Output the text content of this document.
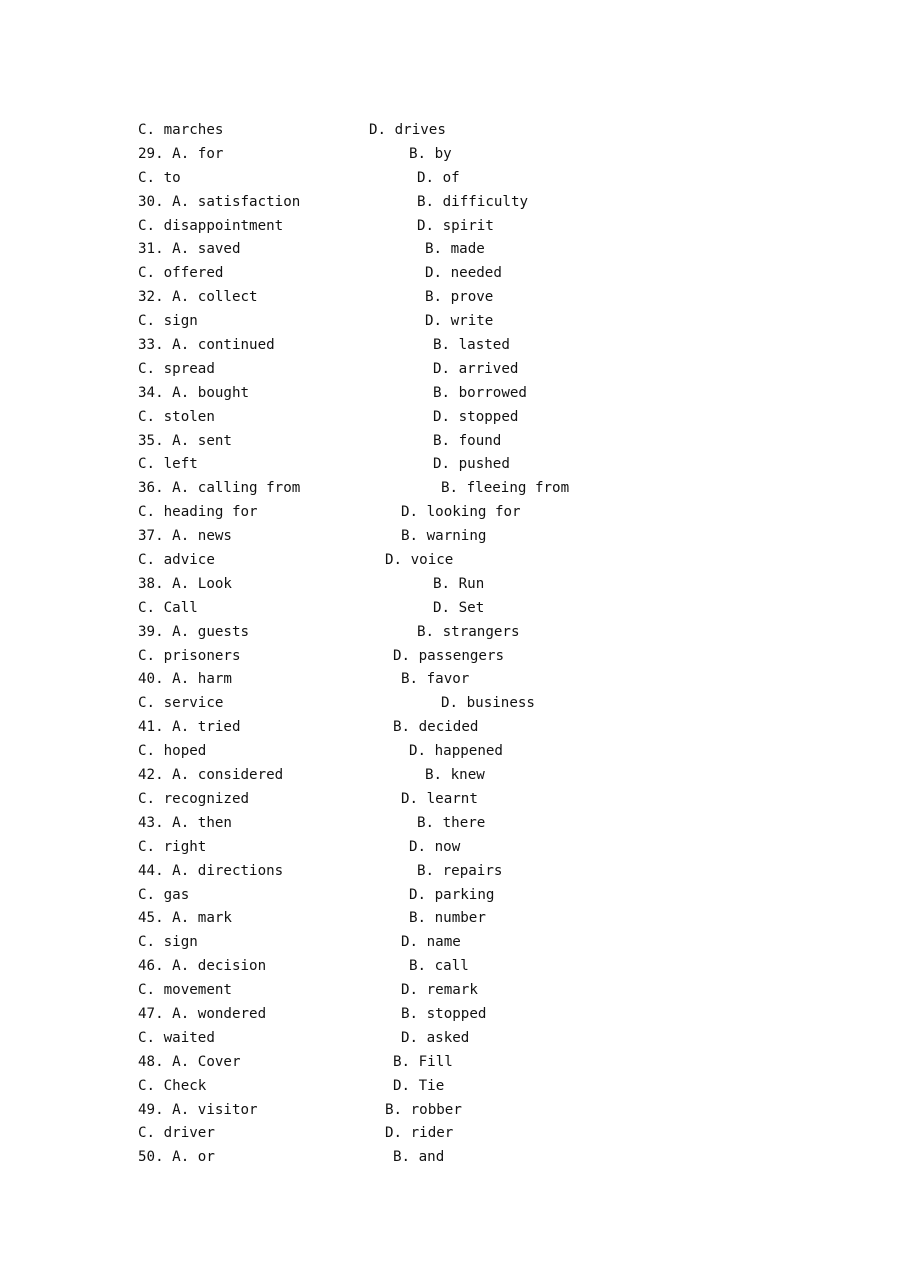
C. marches	D. drives
29. A. for	B. by
C. to	D. of
30. A. satisfaction	B. difficulty
C. disappointment	D. spirit
31. A. saved	B. made
C. offered	D. needed
32. A. collect	B. prove
C. sign	D. write
33. A. continued	B. lasted
C. spread	D. arrived
34. A. bought	B. borrowed
C. stolen	D. stopped
35. A. sent	B. found
C. left	D. pushed
36. A. calling from	B. fleeing from
C. heading for	D. looking for
37. A. news	B. warning
C. advice	D. voice
38. A. Look	B. Run
C. Call	D. Set
39. A. guests	B. strangers
C. prisoners	D. passengers
40. A. harm	B. favor
C. service	D. business
41. A. tried	B. decided
C. hoped	D. happened
42. A. considered	B. knew
C. recognized	D. learnt
43. A. then	B. there
C. right	D. now
44. A. directions	B. repairs
C. gas	D. parking
45. A. mark	B. number
C. sign	D. name
46. A. decision	B. call
C. movement	D. remark
47. A. wondered	B. stopped
C. waited	D. asked
48. A. Cover	B. Fill
C. Check	D. Tie
49. A. visitor	B. robber
C. driver	D. rider
50. A. or	B. and
